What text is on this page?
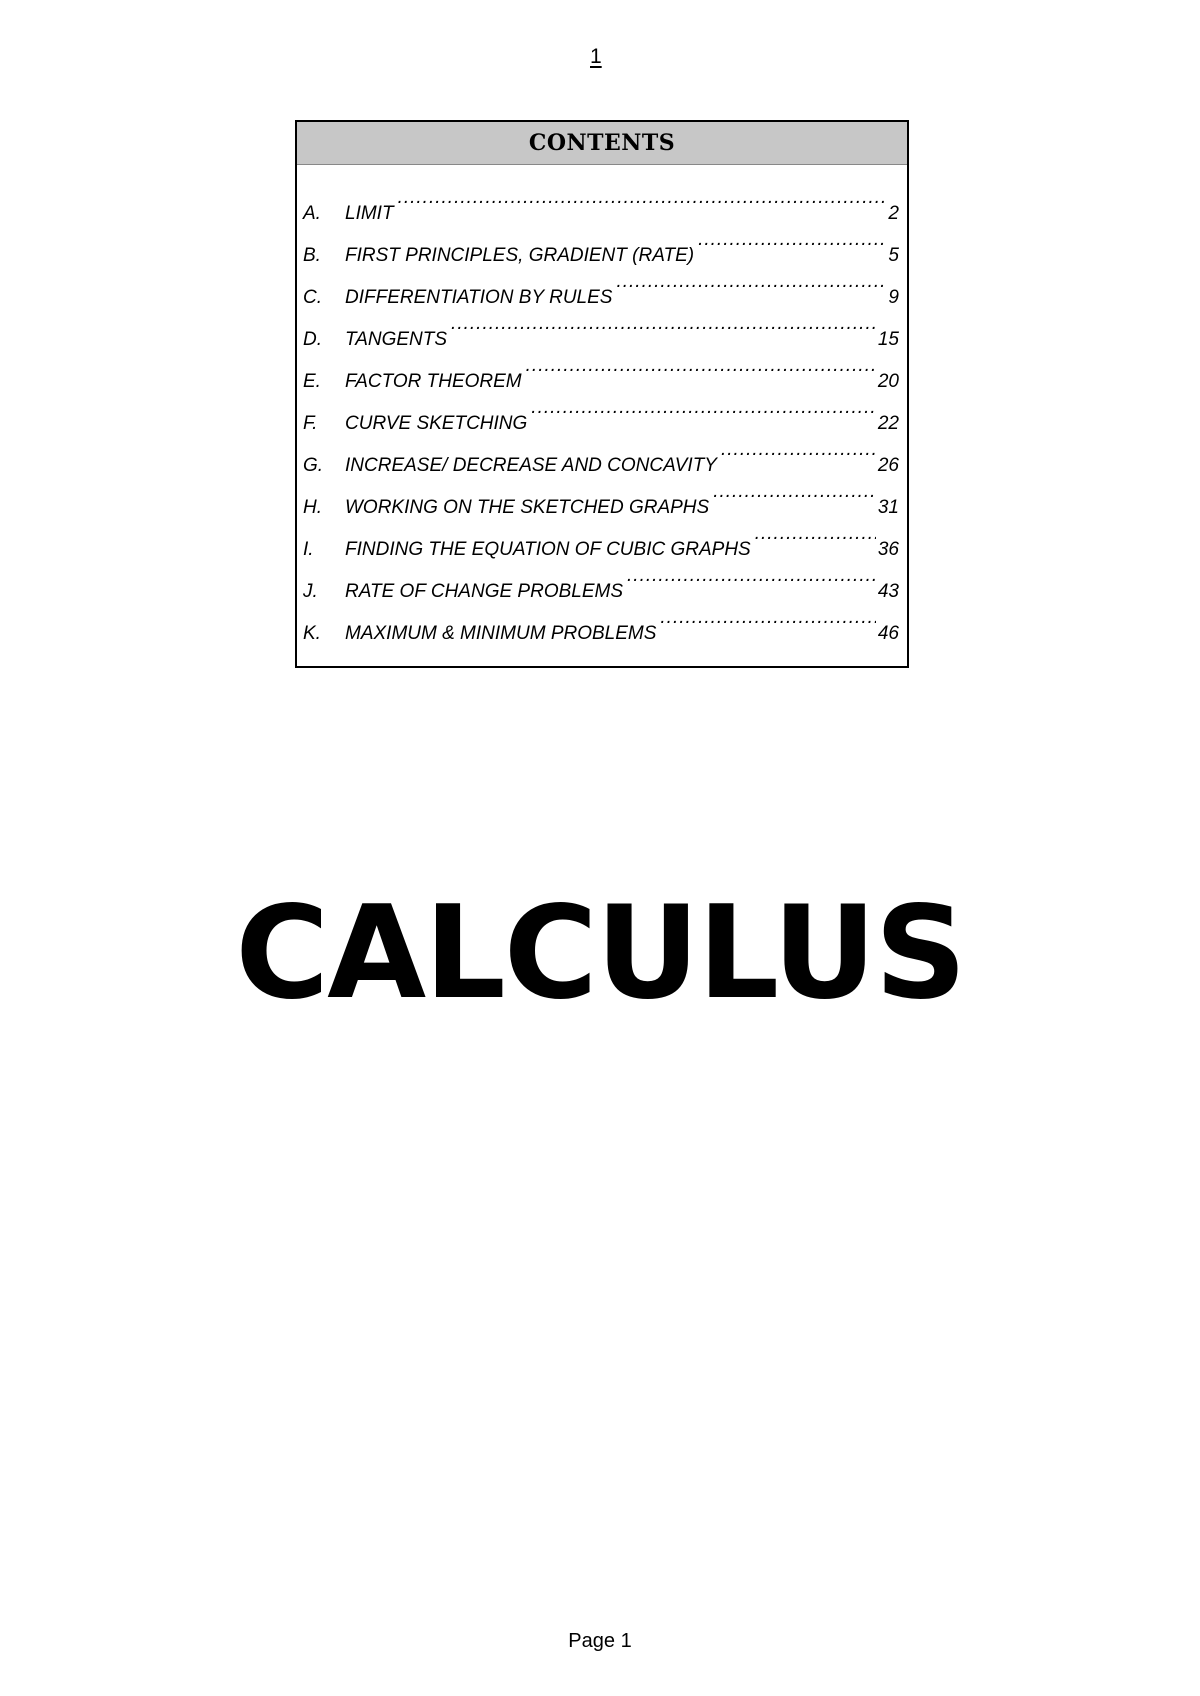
1
CONTENTS
A.	LIMIT .....	2
B.	FIRST PRINCIPLES, GRADIENT (RATE) .....	5
C.	DIFFERENTIATION BY RULES .....	9
D.	TANGENTS .....	15
E.	FACTOR THEOREM .....	20
F.	CURVE SKETCHING .....	22
G.	INCREASE/ DECREASE AND CONCAVITY .....	26
H.	WORKING ON THE SKETCHED GRAPHS .....	31
I.	FINDING THE EQUATION OF CUBIC GRAPHS .....	36
J.	RATE OF CHANGE PROBLEMS .....	43
K.	MAXIMUM & MINIMUM PROBLEMS .....	46
CALCULUS
Page 1
